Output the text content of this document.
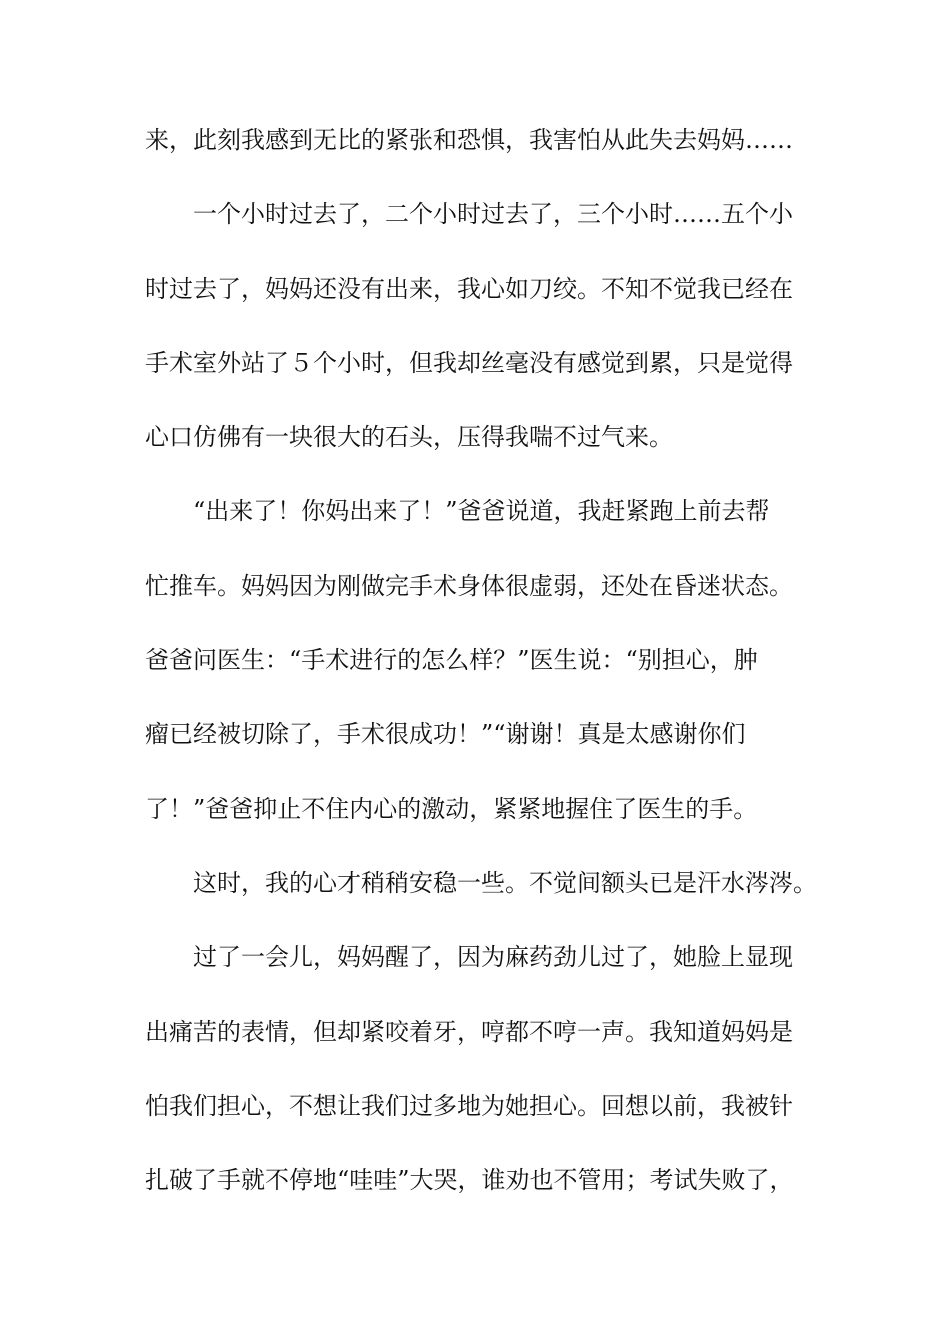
来，此刻我感到无比的紧张和恐惧，我害怕从此失去妈妈……
一个小时过去了，二个小时过去了，三个小时……五个小
时过去了，妈妈还没有出来，我心如刀绞。不知不觉我已经在
手术室外站了５个小时，但我却丝毫没有感觉到累，只是觉得
心口仿佛有一块很大的石头，压得我喘不过气来。
“出来了！你妈出来了！”爸爸说道，我赶紧跑上前去帮
忙推车。妈妈因为刚做完手术身体很虚弱，还处在昏迷状态。
爸爸问医生：“手术进行的怎么样？”医生说：“别担心，肿
瘤已经被切除了，手术很成功！”“谢谢！真是太感谢你们
了！”爸爸抑止不住内心的激动，紧紧地握住了医生的手。
这时，我的心才稍稍安稳一些。不觉间额头已是汗水涔涔。
过了一会儿，妈妈醒了，因为麻药劲儿过了，她脸上显现
出痛苦的表情，但却紧咬着牙，哼都不哼一声。我知道妈妈是
怕我们担心，不想让我们过多地为她担心。回想以前，我被针
扎破了手就不停地“哇哇”大哭，谁劝也不管用；考试失败了，
